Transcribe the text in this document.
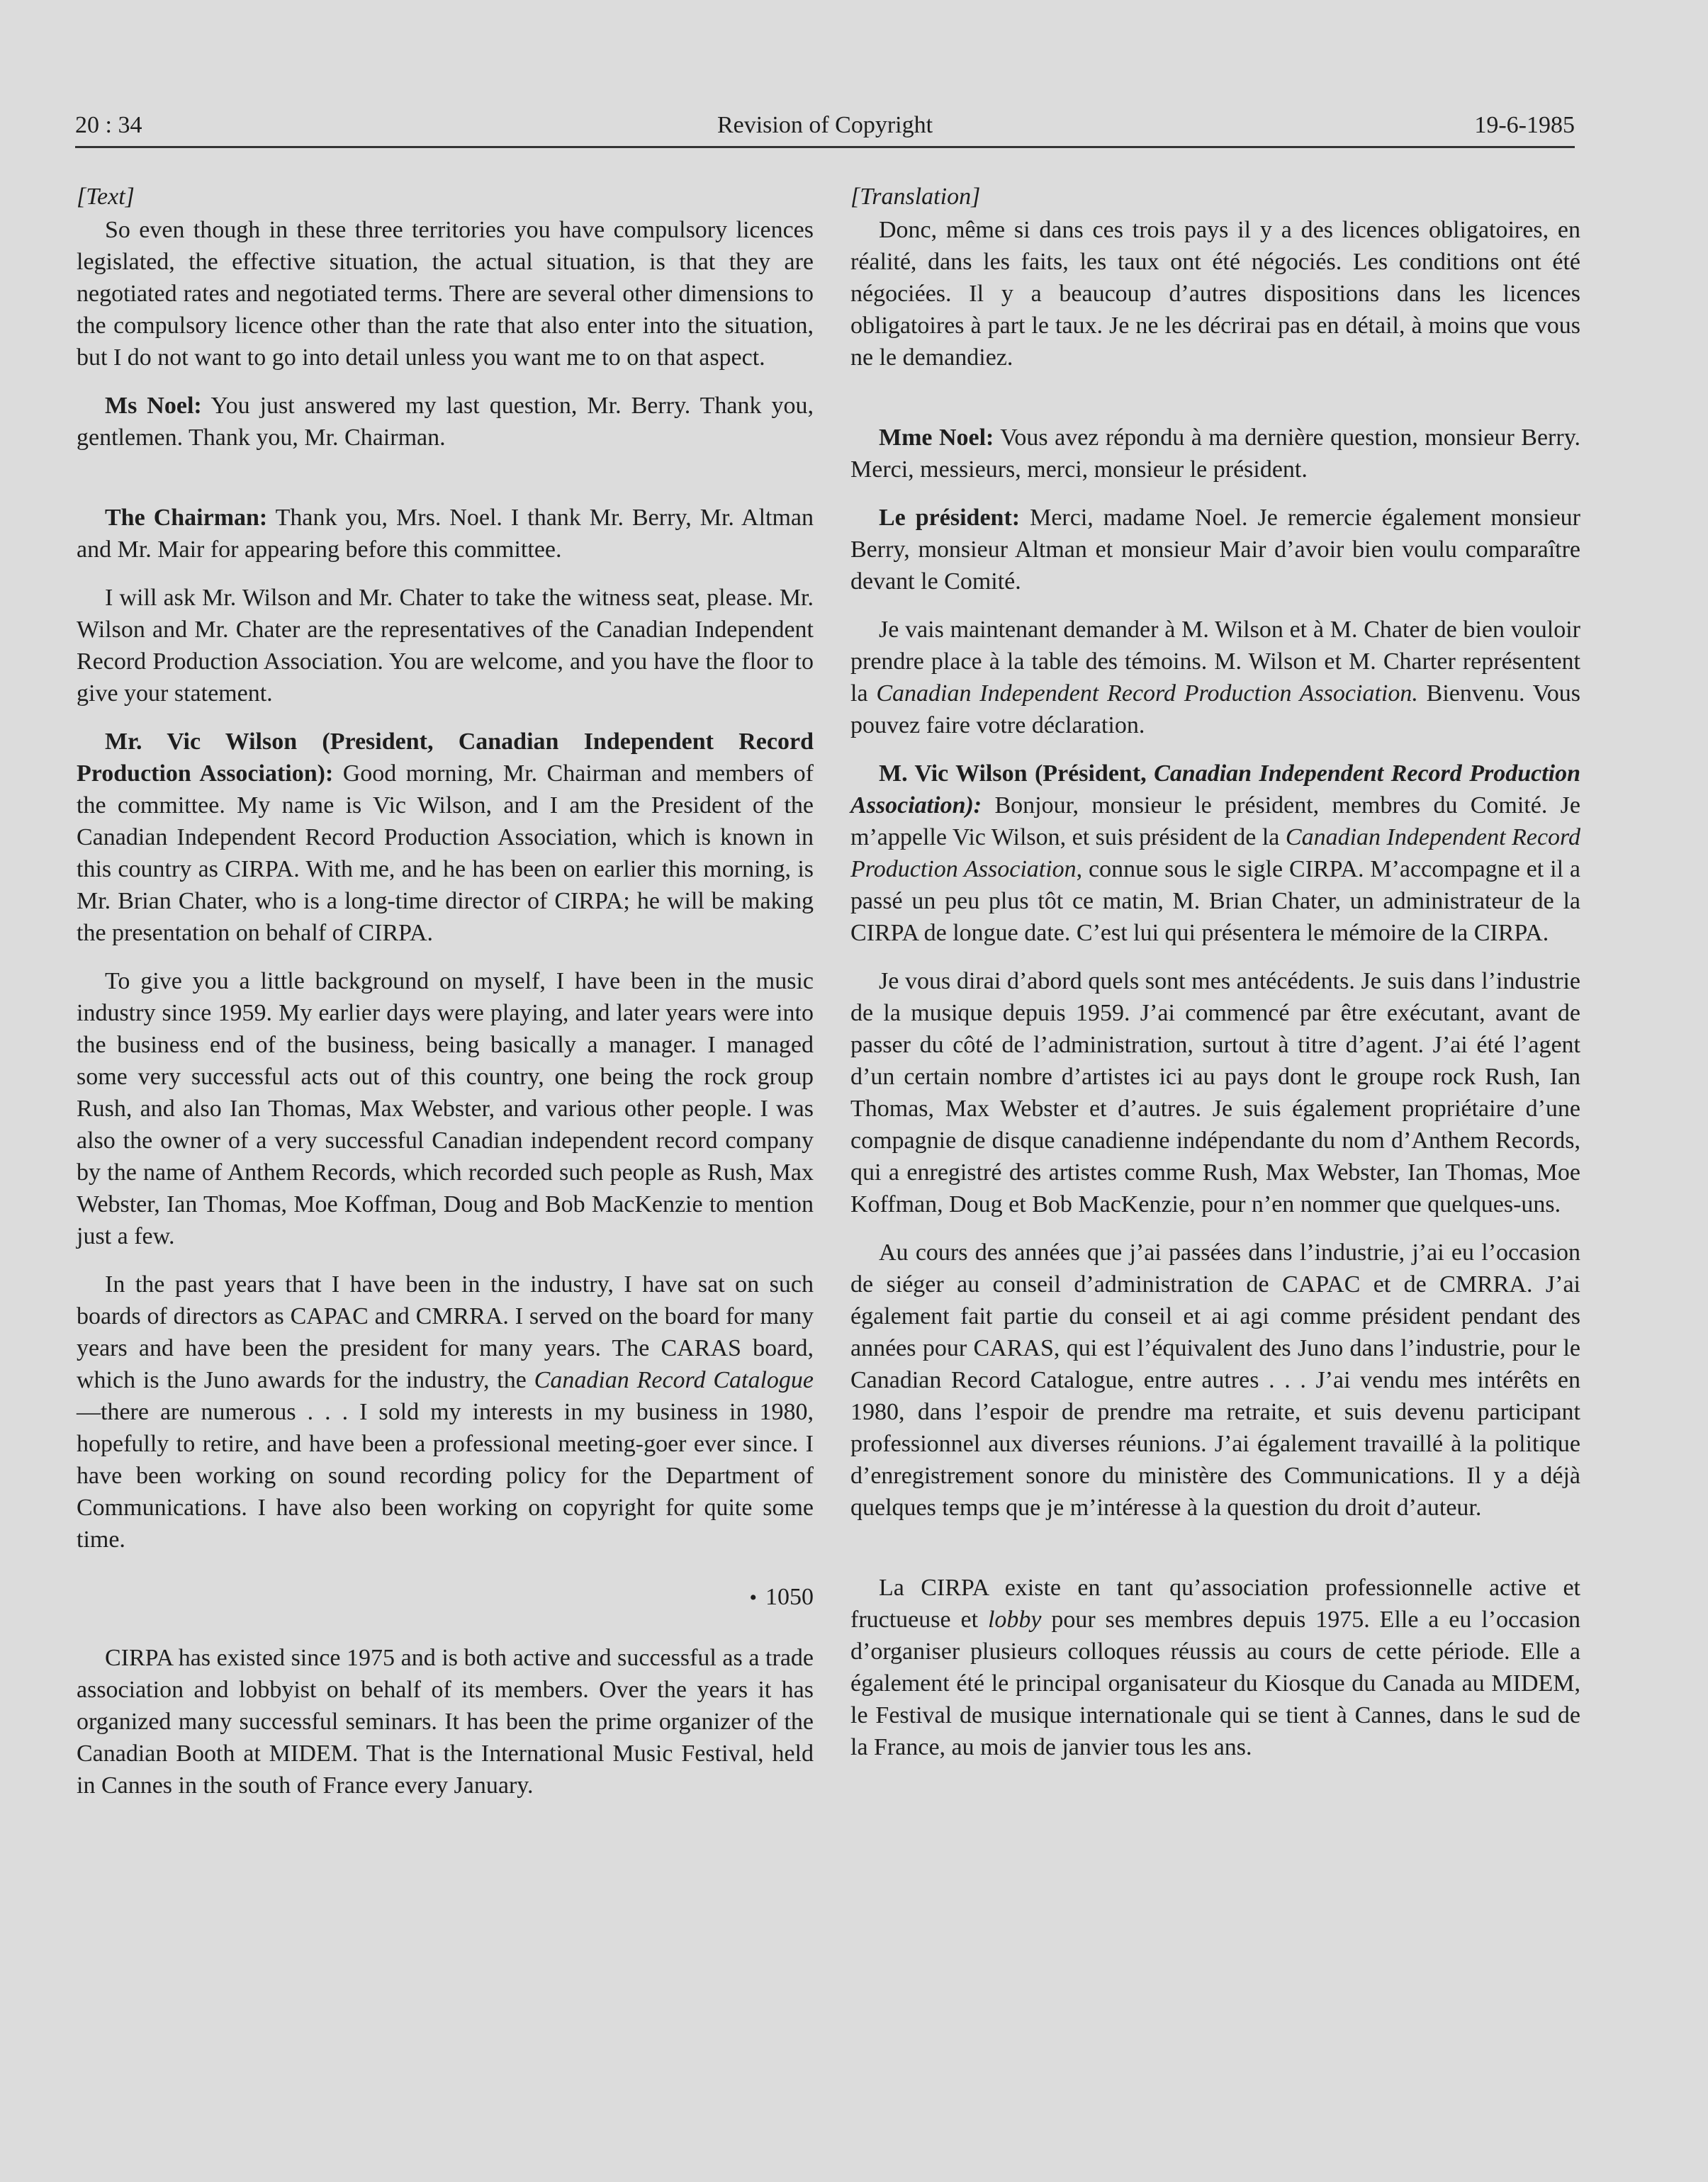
20 : 34	Revision of Copyright	19-6-1985

[Text]

So even though in these three territories you have compulsory licences legislated, the effective situation, the actual situation, is that they are negotiated rates and negotiated terms. There are several other dimensions to the compulsory licence other than the rate that also enter into the situation, but I do not want to go into detail unless you want me to on that aspect.

Ms Noel: You just answered my last question, Mr. Berry. Thank you, gentlemen. Thank you, Mr. Chairman.

The Chairman: Thank you, Mrs. Noel. I thank Mr. Berry, Mr. Altman and Mr. Mair for appearing before this committee.

I will ask Mr. Wilson and Mr. Chater to take the witness seat, please. Mr. Wilson and Mr. Chater are the representatives of the Canadian Independent Record Production Association. You are welcome, and you have the floor to give your statement.

Mr. Vic Wilson (President, Canadian Independent Record Production Association): Good morning, Mr. Chairman and members of the committee. My name is Vic Wilson, and I am the President of the Canadian Independent Record Production Association, which is known in this country as CIRPA. With me, and he has been on earlier this morning, is Mr. Brian Chater, who is a long-time director of CIRPA; he will be making the presentation on behalf of CIRPA.

To give you a little background on myself, I have been in the music industry since 1959. My earlier days were playing, and later years were into the business end of the business, being basically a manager. I managed some very successful acts out of this country, one being the rock group Rush, and also Ian Thomas, Max Webster, and various other people. I was also the owner of a very successful Canadian independent record company by the name of Anthem Records, which recorded such people as Rush, Max Webster, Ian Thomas, Moe Koffman, Doug and Bob MacKenzie to mention just a few.

In the past years that I have been in the industry, I have sat on such boards of directors as CAPAC and CMRRA. I served on the board for many years and have been the president for many years. The CARAS board, which is the Juno awards for the industry, the Canadian Record Catalogue—there are numerous . . . I sold my interests in my business in 1980, hopefully to retire, and have been a professional meeting-goer ever since. I have been working on sound recording policy for the Department of Communications. I have also been working on copyright for quite some time.

• 1050

CIRPA has existed since 1975 and is both active and successful as a trade association and lobbyist on behalf of its members. Over the years it has organized many successful seminars. It has been the prime organizer of the Canadian Booth at MIDEM. That is the International Music Festival, held in Cannes in the south of France every January.

[Translation]

Donc, même si dans ces trois pays il y a des licences obligatoires, en réalité, dans les faits, les taux ont été négociés. Les conditions ont été négociées. Il y a beaucoup d’autres dispositions dans les licences obligatoires à part le taux. Je ne les décrirai pas en détail, à moins que vous ne le demandiez.

Mme Noel: Vous avez répondu à ma dernière question, monsieur Berry. Merci, messieurs, merci, monsieur le président.

Le président: Merci, madame Noel. Je remercie également monsieur Berry, monsieur Altman et monsieur Mair d’avoir bien voulu comparaître devant le Comité.

Je vais maintenant demander à M. Wilson et à M. Chater de bien vouloir prendre place à la table des témoins. M. Wilson et M. Charter représentent la Canadian Independent Record Production Association. Bienvenu. Vous pouvez faire votre déclaration.

M. Vic Wilson (Président, Canadian Independent Record Production Association): Bonjour, monsieur le président, membres du Comité. Je m’appelle Vic Wilson, et suis président de la Canadian Independent Record Production Association, connue sous le sigle CIRPA. M’accompagne et il a passé un peu plus tôt ce matin, M. Brian Chater, un administrateur de la CIRPA de longue date. C’est lui qui présentera le mémoire de la CIRPA.

Je vous dirai d’abord quels sont mes antécédents. Je suis dans l’industrie de la musique depuis 1959. J’ai commencé par être exécutant, avant de passer du côté de l’administration, surtout à titre d’agent. J’ai été l’agent d’un certain nombre d’artistes ici au pays dont le groupe rock Rush, Ian Thomas, Max Webster et d’autres. Je suis également propriétaire d’une compagnie de disque canadienne indépendante du nom d’Anthem Records, qui a enregistré des artistes comme Rush, Max Webster, Ian Thomas, Moe Koffman, Doug et Bob MacKenzie, pour n’en nommer que quelques-uns.

Au cours des années que j’ai passées dans l’industrie, j’ai eu l’occasion de siéger au conseil d’administration de CAPAC et de CMRRA. J’ai également fait partie du conseil et ai agi comme président pendant des années pour CARAS, qui est l’équivalent des Juno dans l’industrie, pour le Canadian Record Catalogue, entre autres . . . J’ai vendu mes intérêts en 1980, dans l’espoir de prendre ma retraite, et suis devenu participant professionnel aux diverses réunions. J’ai également travaillé à la politique d’enregistrement sonore du ministère des Communications. Il y a déjà quelques temps que je m’intéresse à la question du droit d’auteur.

La CIRPA existe en tant qu’association professionnelle active et fructueuse et lobby pour ses membres depuis 1975. Elle a eu l’occasion d’organiser plusieurs colloques réussis au cours de cette période. Elle a également été le principal organisateur du Kiosque du Canada au MIDEM, le Festival de musique internationale qui se tient à Cannes, dans le sud de la France, au mois de janvier tous les ans.
